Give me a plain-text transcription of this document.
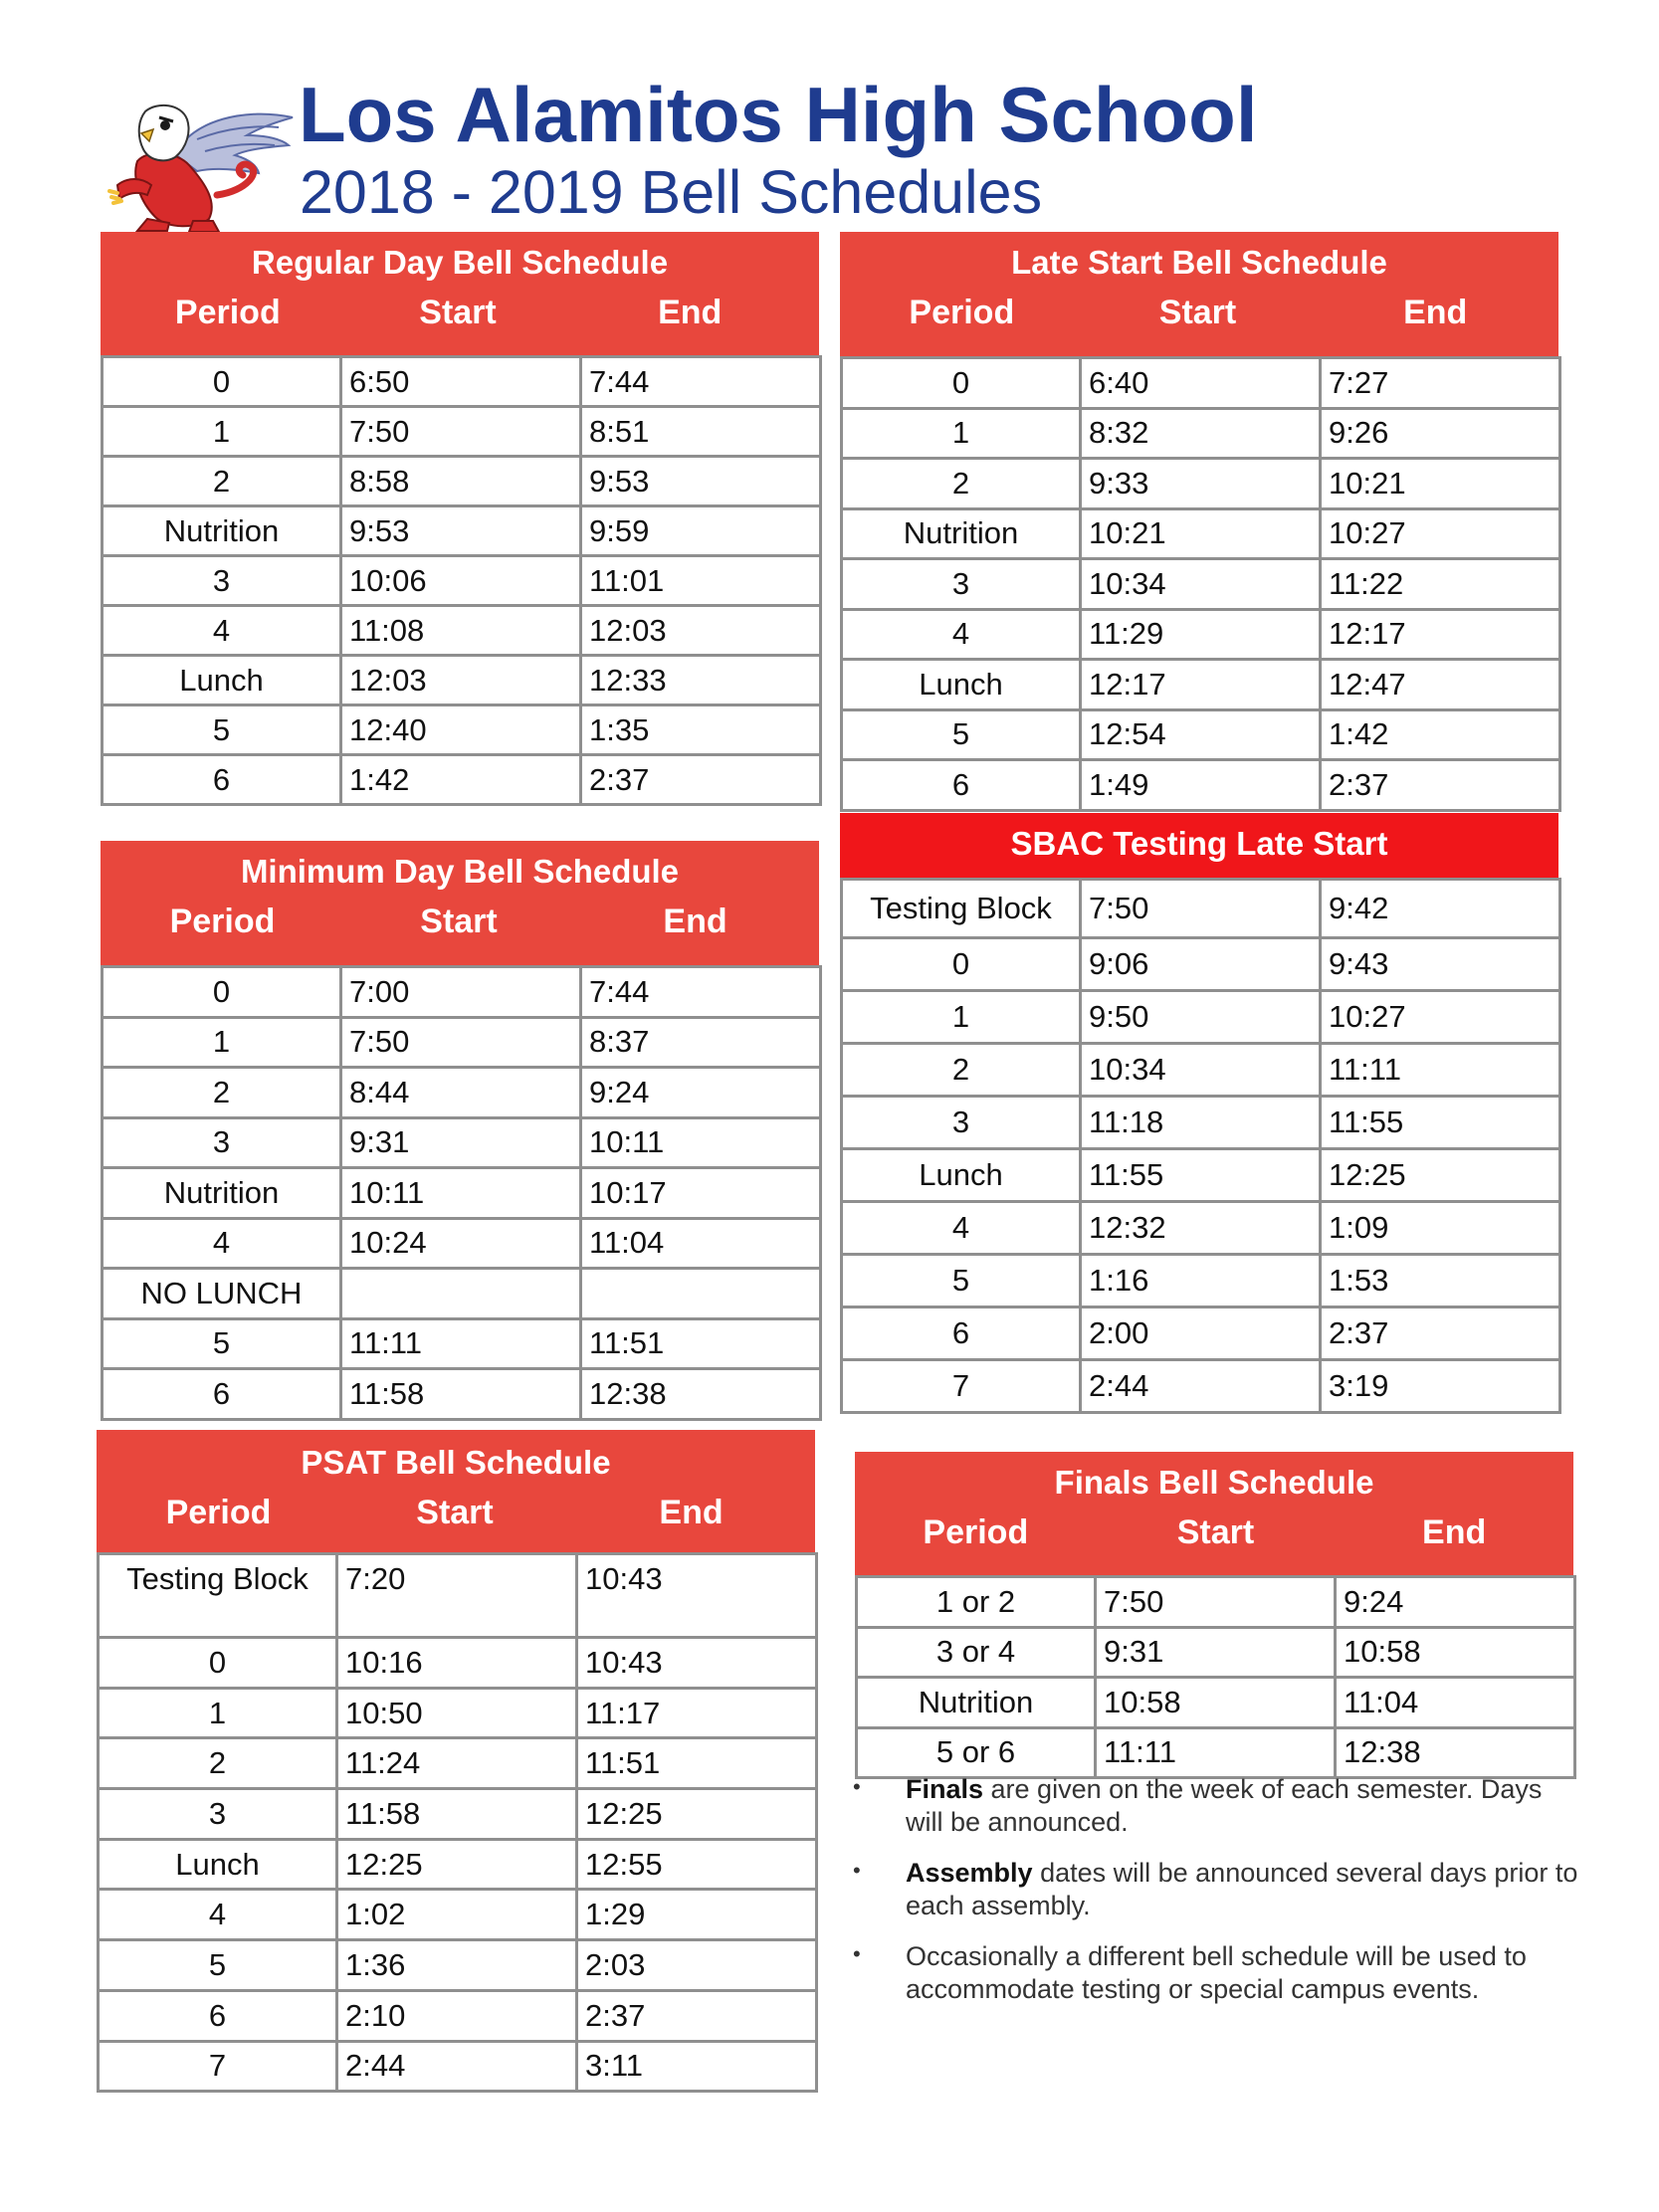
Los Alamitos High School
2018 - 2019 Bell Schedules
Regular Day Bell Schedule
Period	Start	End
0	6:50	7:44
1	7:50	8:51
2	8:58	9:53
Nutrition	9:53	9:59
3	10:06	11:01
4	11:08	12:03
Lunch	12:03	12:33
5	12:40	1:35
6	1:42	2:37
Late Start Bell Schedule
Period	Start	End
0	6:40	7:27
1	8:32	9:26
2	9:33	10:21
Nutrition	10:21	10:27
3	10:34	11:22
4	11:29	12:17
Lunch	12:17	12:47
5	12:54	1:42
6	1:49	2:37
SBAC Testing Late Start
Testing Block	7:50	9:42
0	9:06	9:43
1	9:50	10:27
2	10:34	11:11
3	11:18	11:55
Lunch	11:55	12:25
4	12:32	1:09
5	1:16	1:53
6	2:00	2:37
7	2:44	3:19
Minimum Day Bell Schedule
Period	Start	End
0	7:00	7:44
1	7:50	8:37
2	8:44	9:24
3	9:31	10:11
Nutrition	10:11	10:17
4	10:24	11:04
NO LUNCH		
5	11:11	11:51
6	11:58	12:38
PSAT Bell Schedule
Period	Start	End
Testing Block	7:20	10:43
0	10:16	10:43
1	10:50	11:17
2	11:24	11:51
3	11:58	12:25
Lunch	12:25	12:55
4	1:02	1:29
5	1:36	2:03
6	2:10	2:37
7	2:44	3:11
Finals Bell Schedule
Period	Start	End
1 or 2	7:50	9:24
3 or 4	9:31	10:58
Nutrition	10:58	11:04
5 or 6	11:11	12:38
• Finals are given on the week of each semester. Days will be announced.
• Assembly dates will be announced several days prior to each assembly.
• Occasionally a different bell schedule will be used to accommodate testing or special campus events.
